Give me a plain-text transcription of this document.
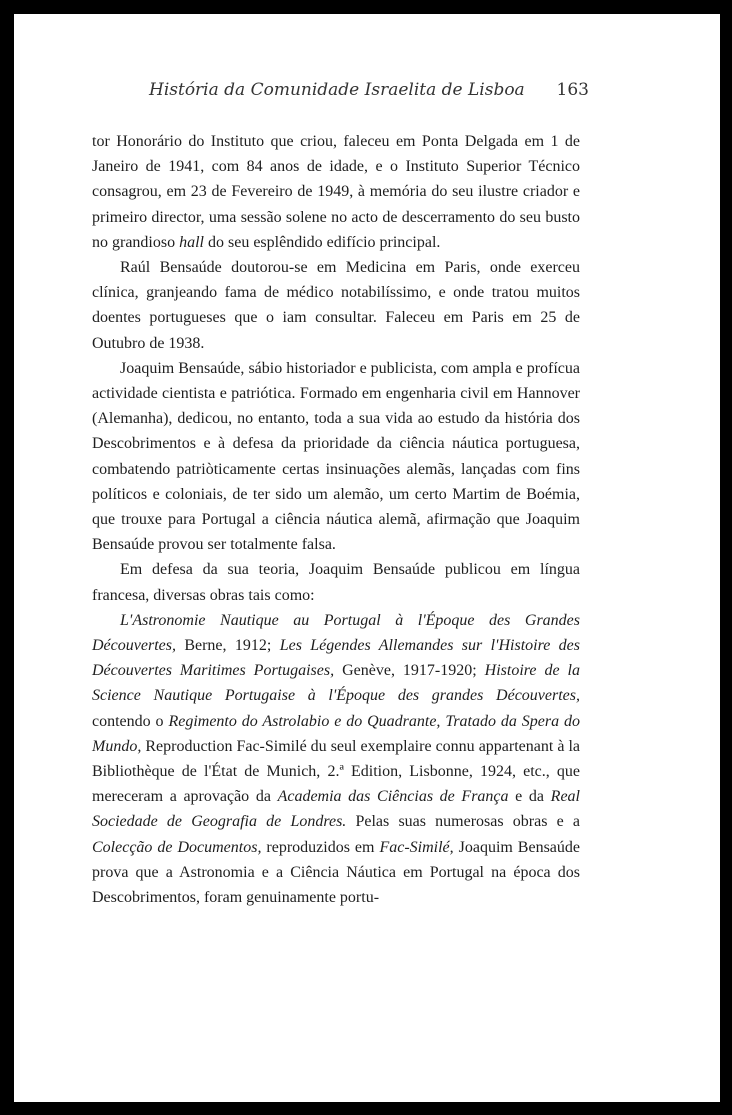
História da Comunidade Israelita de Lisboa 163

tor Honorário do Instituto que criou, faleceu em Ponta Delgada em 1 de Janeiro de 1941, com 84 anos de idade, e o Instituto Superior Técnico consagrou, em 23 de Fevereiro de 1949, à memória do seu ilustre criador e primeiro director, uma sessão solene no acto de descerramento do seu busto no grandioso hall do seu esplêndido edifício principal.

Raúl Bensaúde doutorou-se em Medicina em Paris, onde exerceu clínica, granjeando fama de médico notabilíssimo, e onde tratou muitos doentes portugueses que o iam consultar. Faleceu em Paris em 25 de Outubro de 1938.

Joaquim Bensaúde, sábio historiador e publicista, com ampla e profícua actividade cientista e patriótica. Formado em engenharia civil em Hannover (Alemanha), dedicou, no entanto, toda a sua vida ao estudo da história dos Descobrimentos e à defesa da prioridade da ciência náutica portuguesa, combatendo patriòticamente certas insinuações alemãs, lançadas com fins políticos e coloniais, de ter sido um alemão, um certo Martim de Boémia, que trouxe para Portugal a ciência náutica alemã, afirmação que Joaquim Bensaúde provou ser totalmente falsa.

Em defesa da sua teoria, Joaquim Bensaúde publicou em língua francesa, diversas obras tais como:

L'Astronomie Nautique au Portugal à l'Époque des Grandes Découvertes, Berne, 1912; Les Légendes Allemandes sur l'Histoire des Découvertes Maritimes Portugaises, Genève, 1917-1920; Histoire de la Science Nautique Portugaise à l'Époque des grandes Découvertes, contendo o Regimento do Astrolabio e do Quadrante, Tratado da Spera do Mundo, Reproduction Fac-Similé du seul exemplaire connu appartenant à la Bibliothèque de l'État de Munich, 2.ª Edition, Lisbonne, 1924, etc., que mereceram a aprovação da Academia das Ciências de França e da Real Sociedade de Geografia de Londres. Pelas suas numerosas obras e a Colecção de Documentos, reproduzidos em Fac-Similé, Joaquim Bensaúde prova que a Astronomia e a Ciência Náutica em Portugal na época dos Descobrimentos, foram genuinamente portu-
